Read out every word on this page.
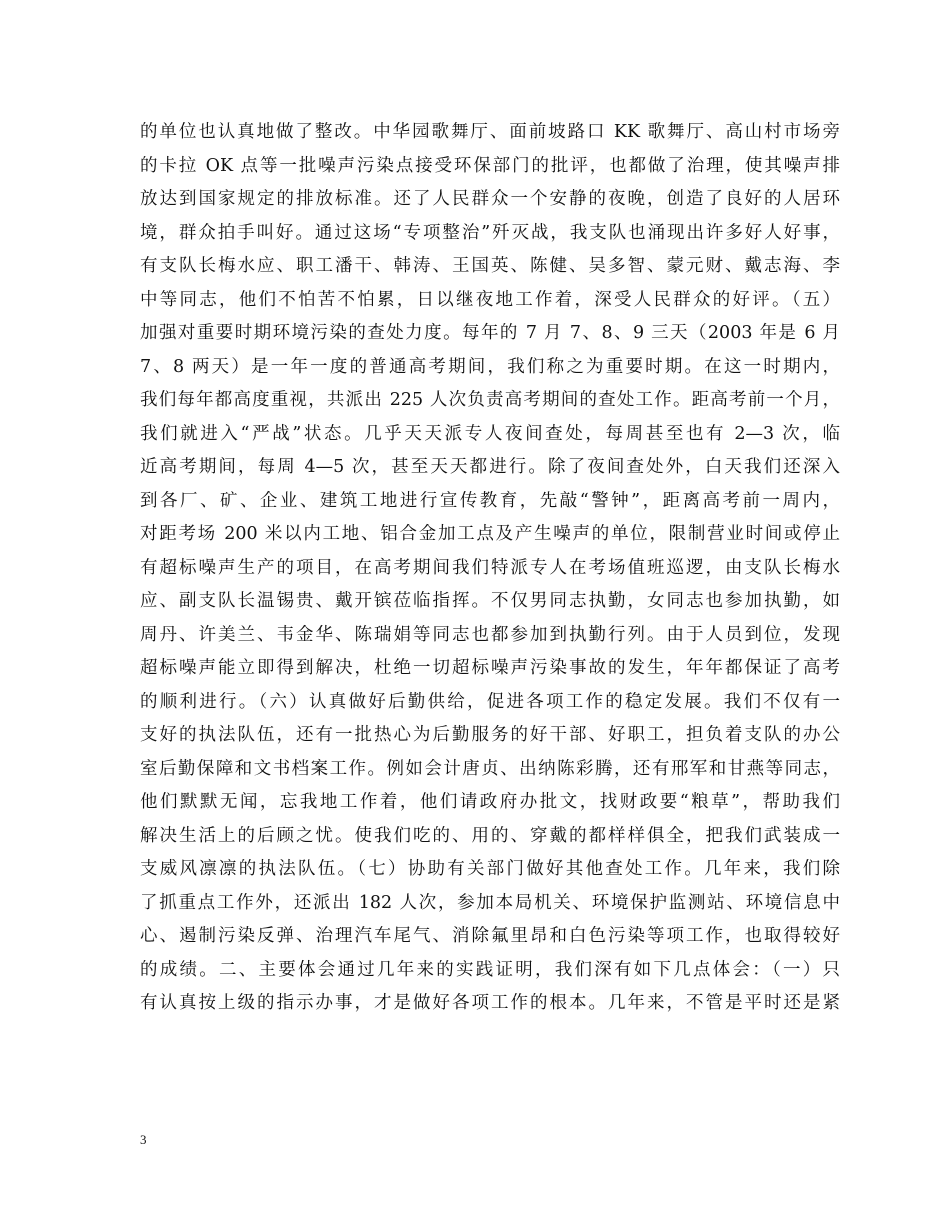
的单位也认真地做了整改。中华园歌舞厅、面前坡路口 KK 歌舞厅、高山村市场旁
的卡拉 OK 点等一批噪声污染点接受环保部门的批评，也都做了治理，使其噪声排
放达到国家规定的排放标准。还了人民群众一个安静的夜晚，创造了良好的人居环
境，群众拍手叫好。通过这场“专项整治”歼灭战，我支队也涌现出许多好人好事，
有支队长梅水应、职工潘干、韩涛、王国英、陈健、吴多智、蒙元财、戴志海、李
中等同志，他们不怕苦不怕累，日以继夜地工作着，深受人民群众的好评。（五）
加强对重要时期环境污染的查处力度。每年的 7 月 7、8、9 三天（2003 年是 6 月
7、8 两天）是一年一度的普通高考期间，我们称之为重要时期。在这一时期内，
我们每年都高度重视，共派出 225 人次负责高考期间的查处工作。距高考前一个月，
我们就进入“严战”状态。几乎天天派专人夜间查处，每周甚至也有 2—3 次，临
近高考期间，每周 4—5 次，甚至天天都进行。除了夜间查处外，白天我们还深入
到各厂、矿、企业、建筑工地进行宣传教育，先敲“警钟”，距离高考前一周内，
对距考场 200 米以内工地、铝合金加工点及产生噪声的单位，限制营业时间或停止
有超标噪声生产的项目，在高考期间我们特派专人在考场值班巡逻，由支队长梅水
应、副支队长温锡贵、戴开镔莅临指挥。不仅男同志执勤，女同志也参加执勤，如
周丹、许美兰、韦金华、陈瑞娟等同志也都参加到执勤行列。由于人员到位，发现
超标噪声能立即得到解决，杜绝一切超标噪声污染事故的发生，年年都保证了高考
的顺利进行。（六）认真做好后勤供给，促进各项工作的稳定发展。我们不仅有一
支好的执法队伍，还有一批热心为后勤服务的好干部、好职工，担负着支队的办公
室后勤保障和文书档案工作。例如会计唐贞、出纳陈彩腾，还有邢军和甘燕等同志，
他们默默无闻，忘我地工作着，他们请政府办批文，找财政要“粮草”，帮助我们
解决生活上的后顾之忧。使我们吃的、用的、穿戴的都样样俱全，把我们武装成一
支威风凛凛的执法队伍。（七）协助有关部门做好其他查处工作。几年来，我们除
了抓重点工作外，还派出 182 人次，参加本局机关、环境保护监测站、环境信息中
心、遏制污染反弹、治理汽车尾气、消除氟里昂和白色污染等项工作，也取得较好
的成绩。二、主要体会通过几年来的实践证明，我们深有如下几点体会：（一）只
有认真按上级的指示办事，才是做好各项工作的根本。几年来，不管是平时还是紧
3
